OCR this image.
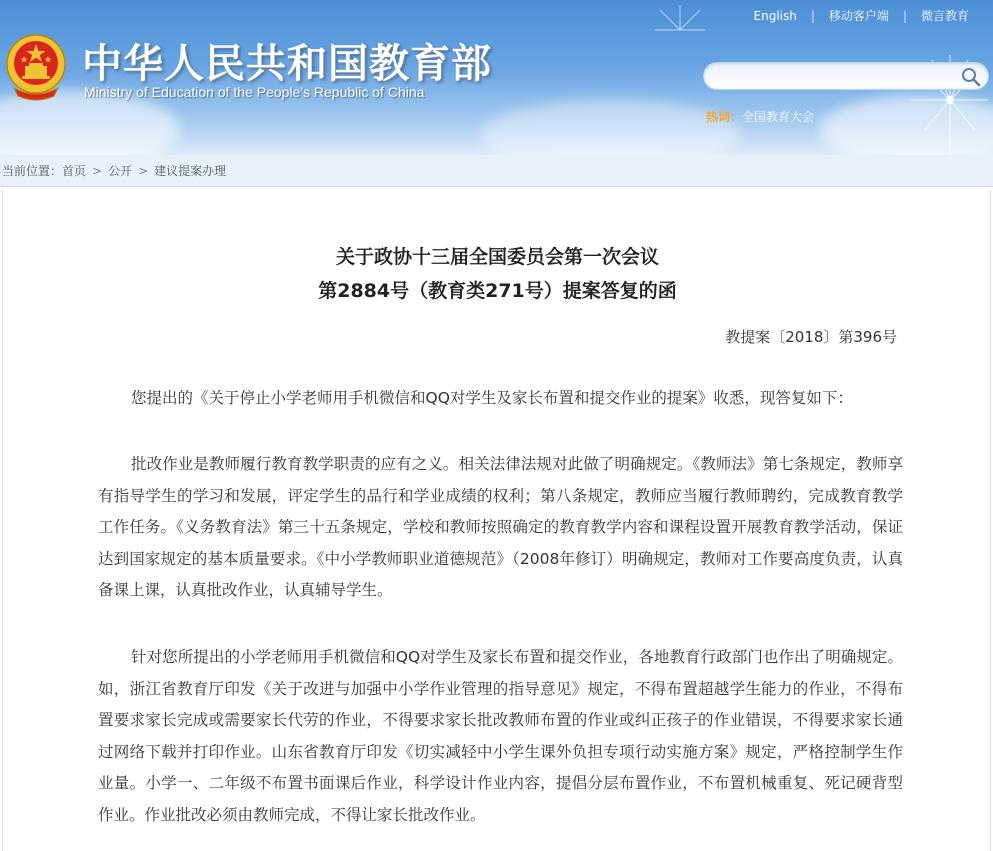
中华人民共和国教育部
Ministry of Education of the People's Republic of China
English | 移动客户端 | 微言教育
热词：全国教育大会
当前位置： 首页 > 公开 > 建议提案办理
关于政协十三届全国委员会第一次会议
第2884号（教育类271号）提案答复的函
教提案〔2018〕第396号

您提出的《关于停止小学老师用手机微信和QQ对学生及家长布置和提交作业的提案》收悉，现答复如下：

批改作业是教师履行教育教学职责的应有之义。相关法律法规对此做了明确规定。《教师法》第七条规定，教师享有指导学生的学习和发展，评定学生的品行和学业成绩的权利；第八条规定，教师应当履行教师聘约，完成教育教学工作任务。《义务教育法》第三十五条规定，学校和教师按照确定的教育教学内容和课程设置开展教育教学活动，保证达到国家规定的基本质量要求。《中小学教师职业道德规范》（2008年修订）明确规定，教师对工作要高度负责，认真备课上课，认真批改作业，认真辅导学生。

针对您所提出的小学老师用手机微信和QQ对学生及家长布置和提交作业，各地教育行政部门也作出了明确规定。如，浙江省教育厅印发《关于改进与加强中小学作业管理的指导意见》规定，不得布置超越学生能力的作业，不得布置要求家长完成或需要家长代劳的作业，不得要求家长批改教师布置的作业或纠正孩子的作业错误，不得要求家长通过网络下载并打印作业。山东省教育厅印发《切实减轻中小学生课外负担专项行动实施方案》规定，严格控制学生作业量。小学一、二年级不布置书面课后作业，科学设计作业内容，提倡分层布置作业，不布置机械重复、死记硬背型作业。作业批改必须由教师完成，不得让家长批改作业。
